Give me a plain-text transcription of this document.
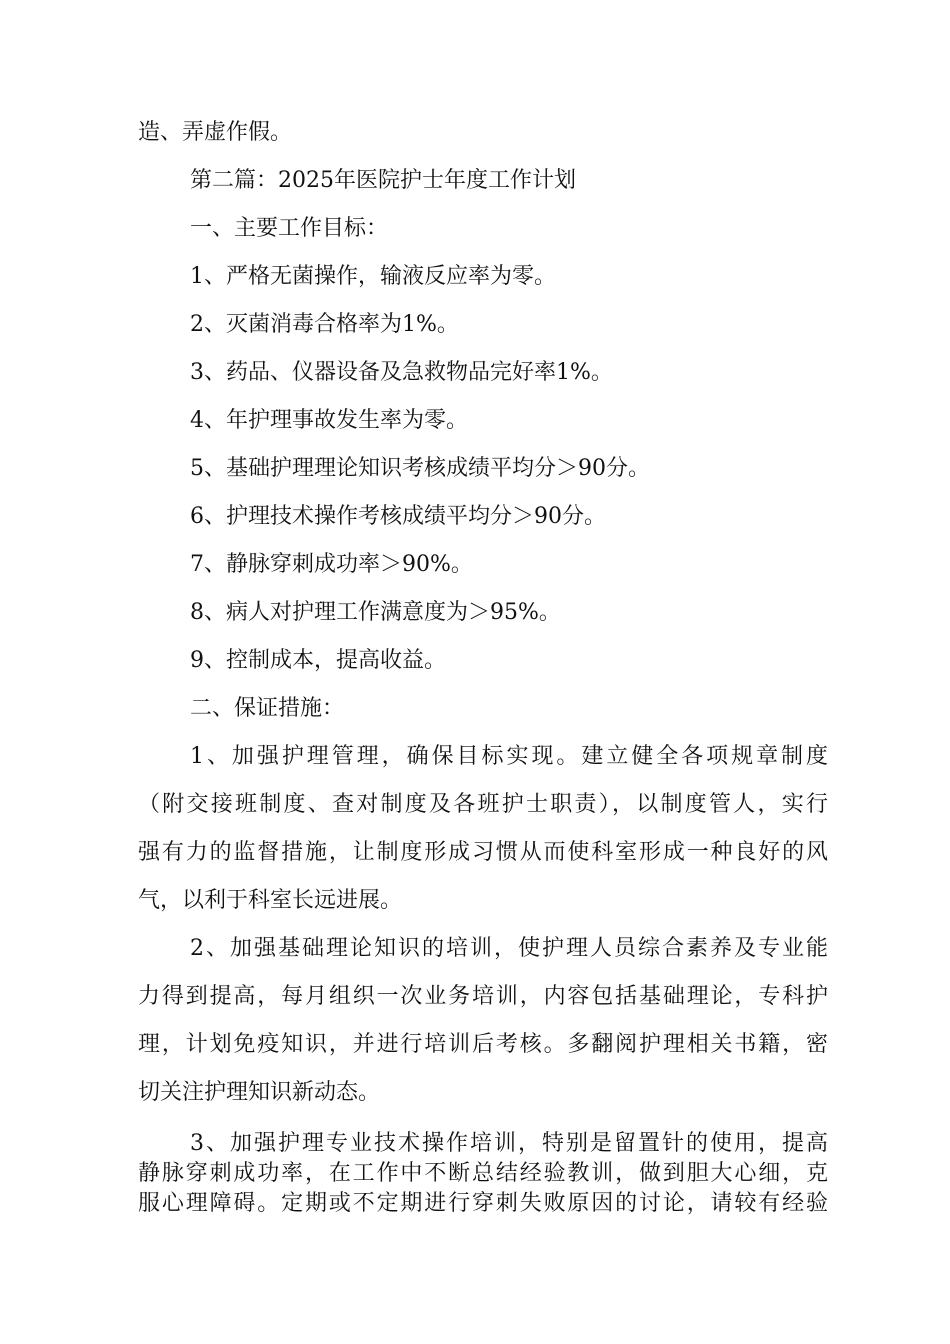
造、弄虚作假。
第二篇：2025年医院护士年度工作计划
一、主要工作目标：
1、严格无菌操作，输液反应率为零。
2、灭菌消毒合格率为1%。
3、药品、仪器设备及急救物品完好率1%。
4、年护理事故发生率为零。
5、基础护理理论知识考核成绩平均分＞90分。
6、护理技术操作考核成绩平均分＞90分。
7、静脉穿刺成功率＞90%。
8、病人对护理工作满意度为＞95%。
9、控制成本，提高收益。
二、保证措施：
1、加强护理管理，确保目标实现。建立健全各项规章制度
（附交接班制度、查对制度及各班护士职责），以制度管人，实行
强有力的监督措施，让制度形成习惯从而使科室形成一种良好的风
气，以利于科室长远进展。
2、加强基础理论知识的培训，使护理人员综合素养及专业能
力得到提高，每月组织一次业务培训，内容包括基础理论，专科护
理，计划免疫知识，并进行培训后考核。多翻阅护理相关书籍，密
切关注护理知识新动态。
3、加强护理专业技术操作培训，特别是留置针的使用，提高
静脉穿刺成功率，在工作中不断总结经验教训，做到胆大心细，克
服心理障碍。定期或不定期进行穿刺失败原因的讨论，请较有经验
